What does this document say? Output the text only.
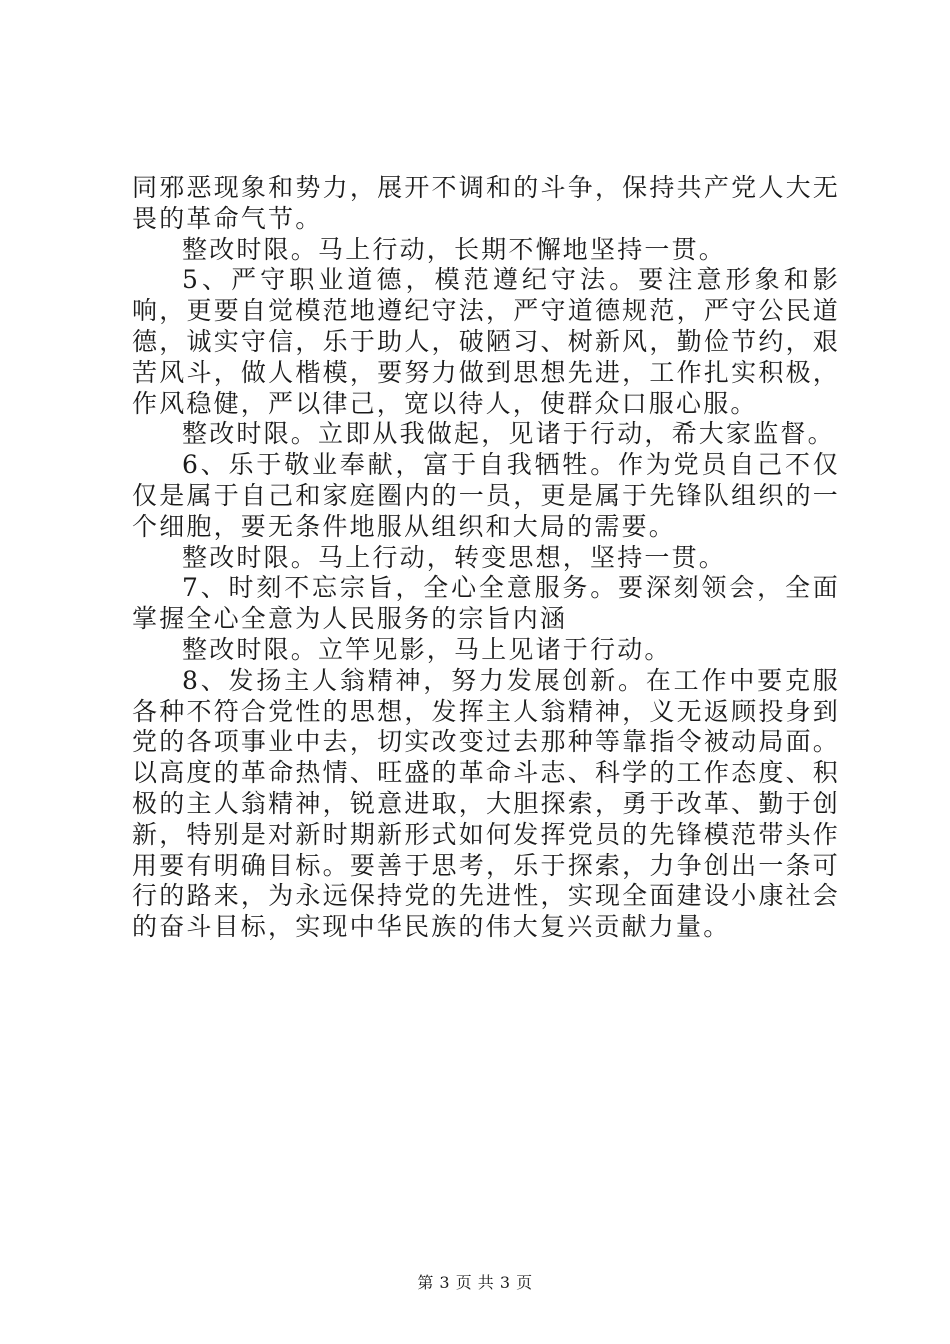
同邪恶现象和势力，展开不调和的斗争，保持共产党人大无畏的革命气节。

整改时限。马上行动，长期不懈地坚持一贯。

5、严守职业道德，模范遵纪守法。要注意形象和影响，更要自觉模范地遵纪守法，严守道德规范，严守公民道德，诚实守信，乐于助人，破陋习、树新风，勤俭节约，艰苦风斗，做人楷模，要努力做到思想先进，工作扎实积极，作风稳健，严以律己，宽以待人，使群众口服心服。

整改时限。立即从我做起，见诸于行动，希大家监督。

6、乐于敬业奉献，富于自我牺牲。作为党员自己不仅仅是属于自己和家庭圈内的一员，更是属于先锋队组织的一个细胞，要无条件地服从组织和大局的需要。

整改时限。马上行动，转变思想，坚持一贯。

7、时刻不忘宗旨，全心全意服务。要深刻领会，全面掌握全心全意为人民服务的宗旨内涵

整改时限。立竿见影，马上见诸于行动。

8、发扬主人翁精神，努力发展创新。在工作中要克服各种不符合党性的思想，发挥主人翁精神，义无返顾投身到党的各项事业中去，切实改变过去那种等靠指令被动局面。以高度的革命热情、旺盛的革命斗志、科学的工作态度、积极的主人翁精神，锐意进取，大胆探索，勇于改革、勤于创新，特别是对新时期新形式如何发挥党员的先锋模范带头作用要有明确目标。要善于思考，乐于探索，力争创出一条可行的路来，为永远保持党的先进性，实现全面建设小康社会的奋斗目标，实现中华民族的伟大复兴贡献力量。

第 3 页 共 3 页
